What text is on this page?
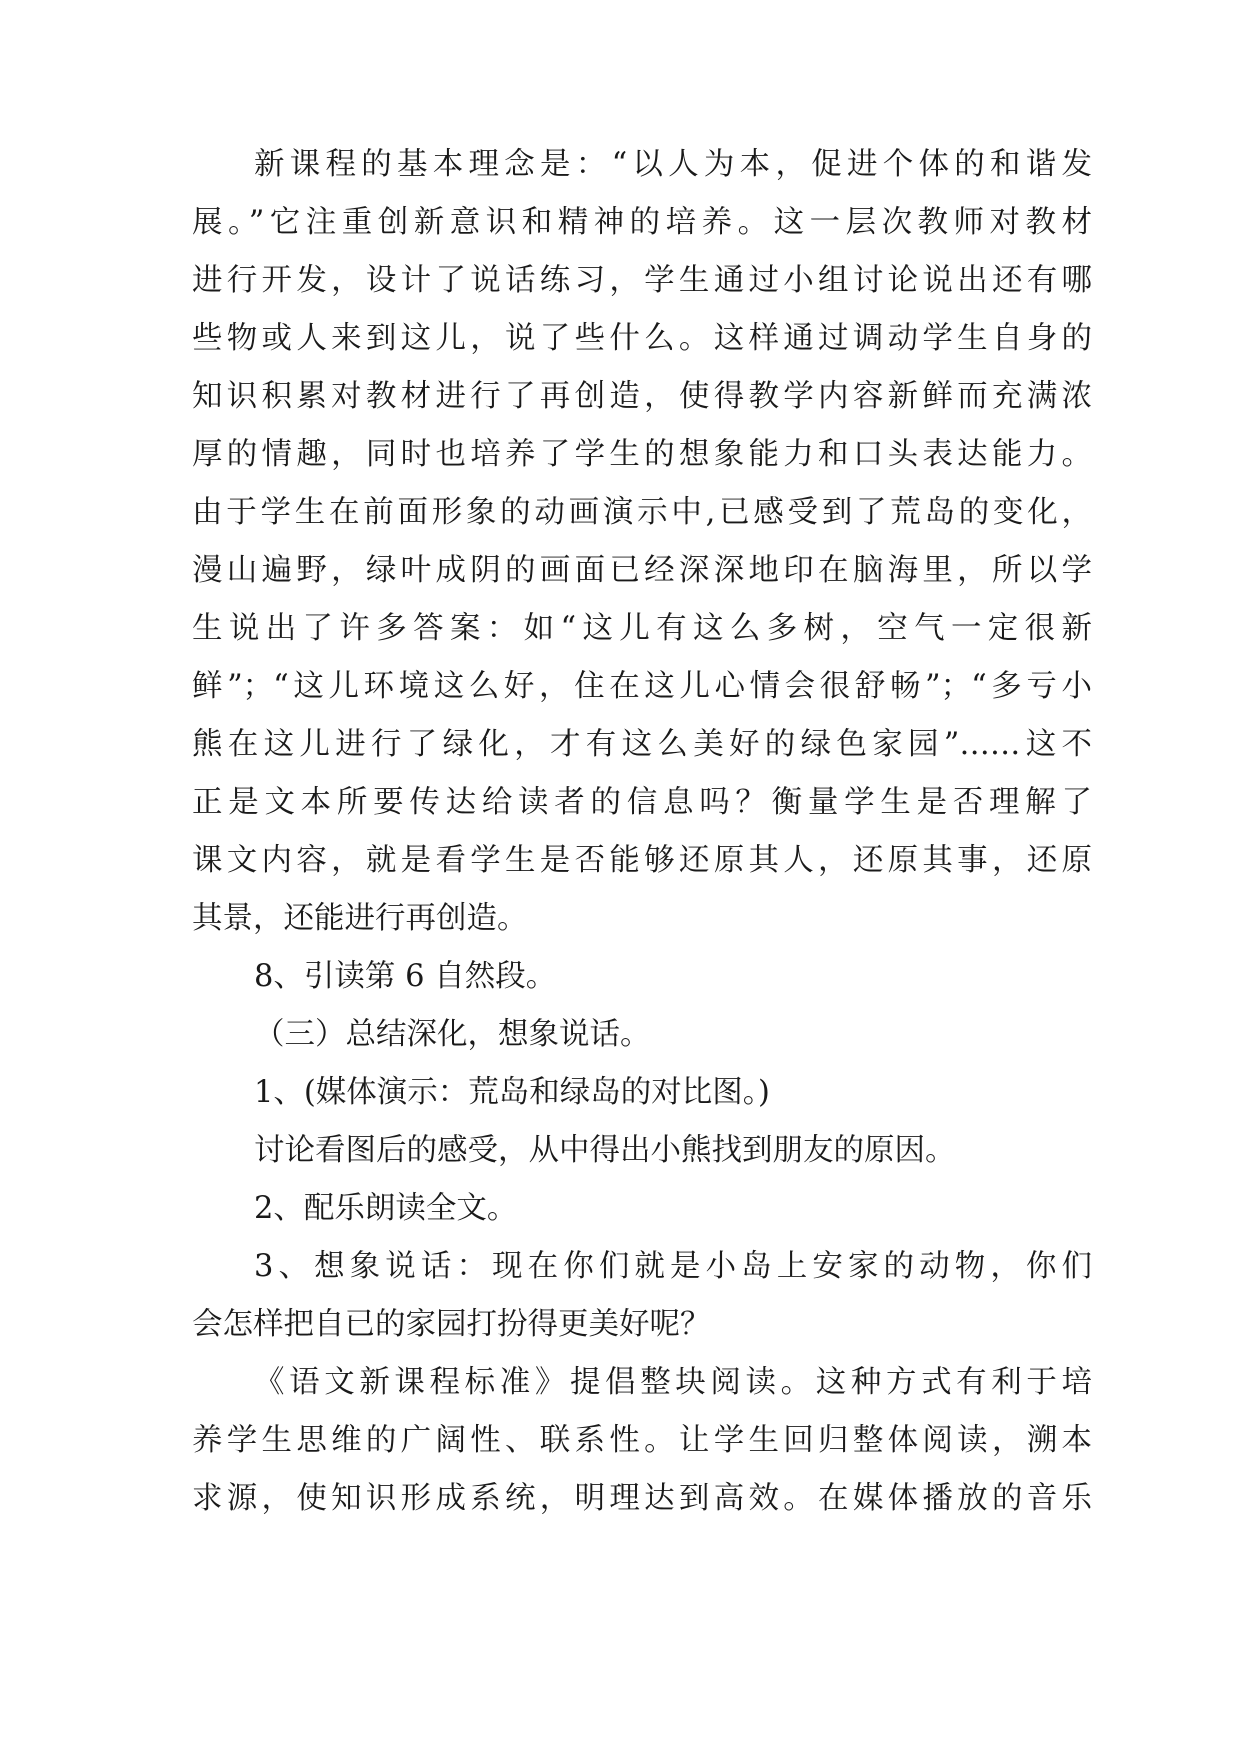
新课程的基本理念是：“以人为本，促进个体的和谐发
展。”它注重创新意识和精神的培养。这一层次教师对教材
进行开发，设计了说话练习，学生通过小组讨论说出还有哪
些物或人来到这儿，说了些什么。这样通过调动学生自身的
知识积累对教材进行了再创造，使得教学内容新鲜而充满浓
厚的情趣，同时也培养了学生的想象能力和口头表达能力。
由于学生在前面形象的动画演示中,已感受到了荒岛的变化，
漫山遍野，绿叶成阴的画面已经深深地印在脑海里，所以学
生说出了许多答案：如“这儿有这么多树，空气一定很新
鲜”；“这儿环境这么好，住在这儿心情会很舒畅”；“多亏小
熊在这儿进行了绿化，才有这么美好的绿色家园”……这不
正是文本所要传达给读者的信息吗？衡量学生是否理解了
课文内容，就是看学生是否能够还原其人，还原其事，还原
其景，还能进行再创造。
8、引读第 6 自然段。
（三）总结深化，想象说话。
1、(媒体演示：荒岛和绿岛的对比图。)
讨论看图后的感受，从中得出小熊找到朋友的原因。
2、配乐朗读全文。
3、想象说话：现在你们就是小岛上安家的动物，你们
会怎样把自已的家园打扮得更美好呢？
《语文新课程标准》提倡整块阅读。这种方式有利于培
养学生思维的广阔性、联系性。让学生回归整体阅读，溯本
求源，使知识形成系统，明理达到高效。在媒体播放的音乐
